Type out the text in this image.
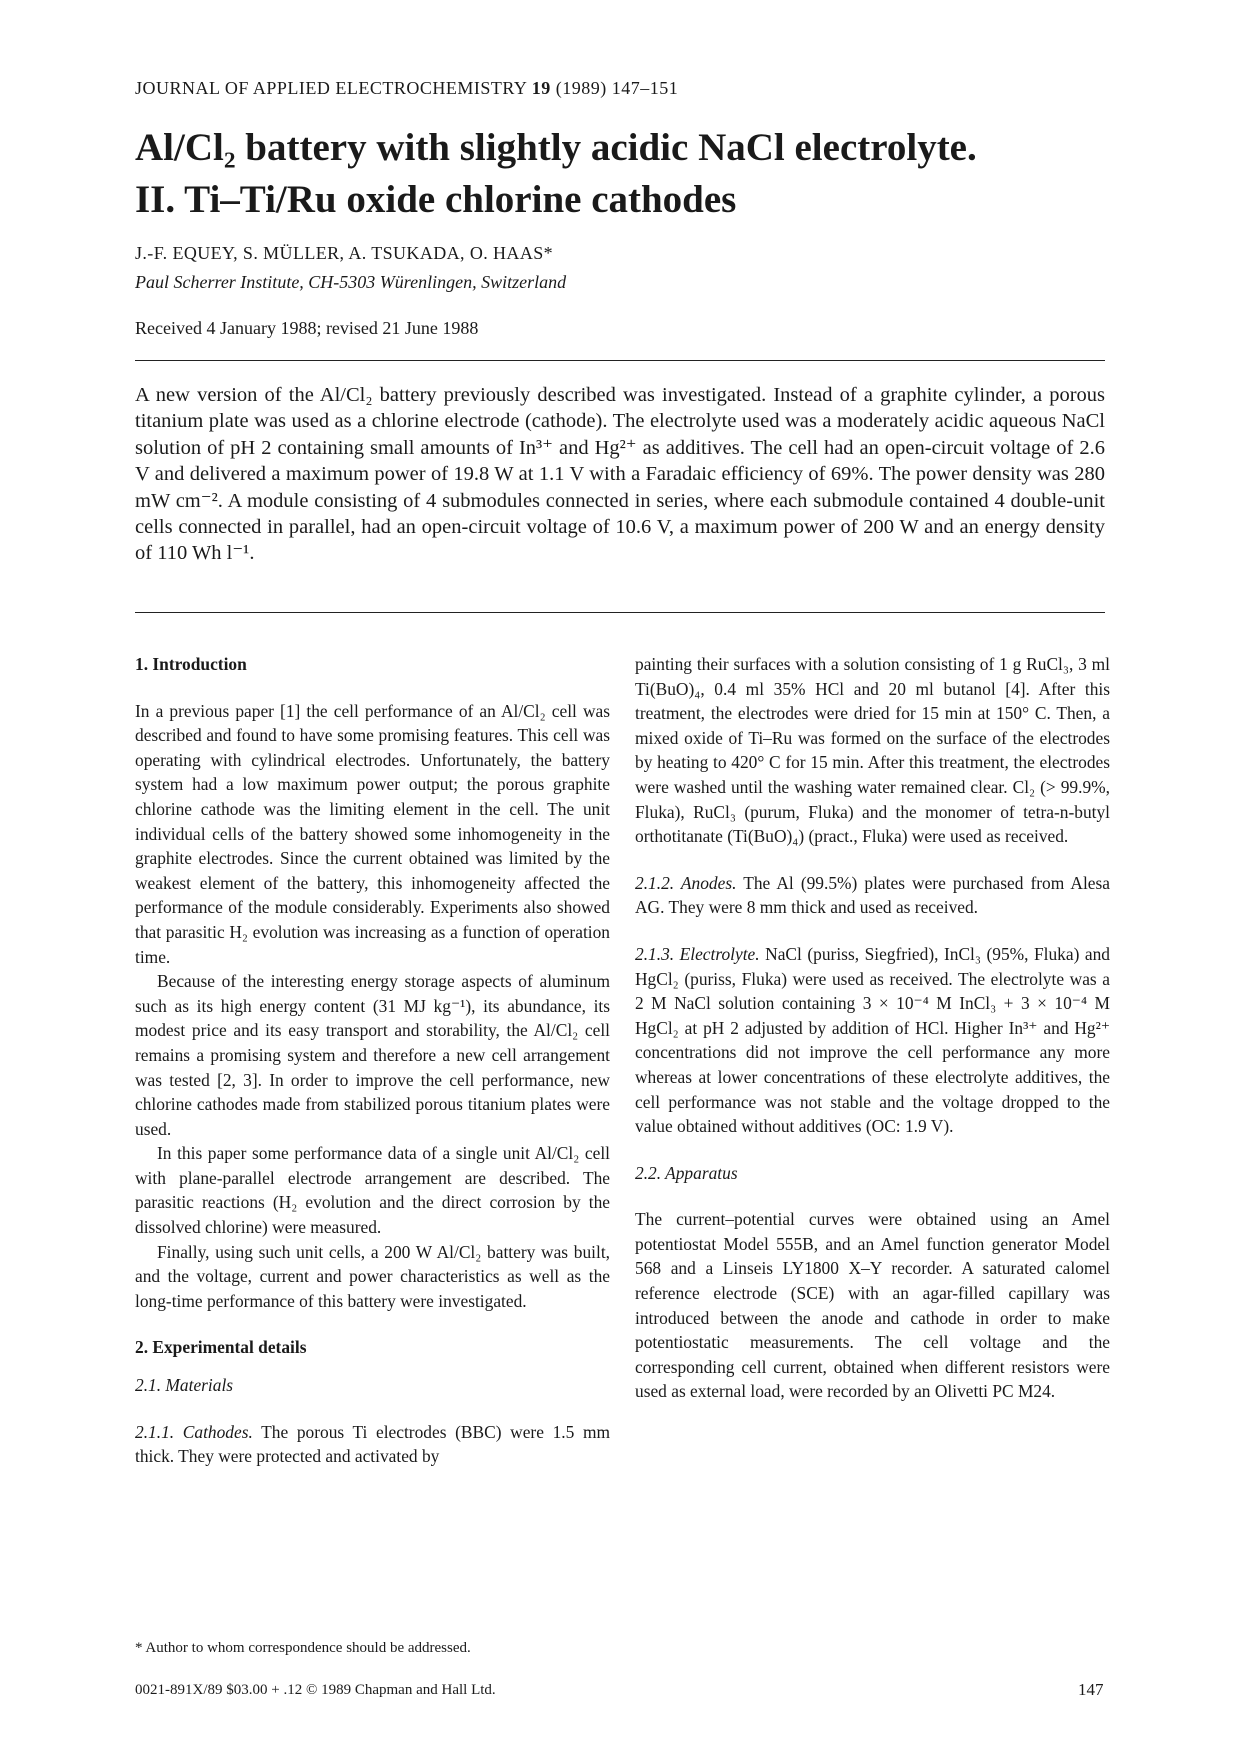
JOURNAL OF APPLIED ELECTROCHEMISTRY 19 (1989) 147–151
Al/Cl₂ battery with slightly acidic NaCl electrolyte.
II. Ti–Ti/Ru oxide chlorine cathodes
J.-F. EQUEY, S. MÜLLER, A. TSUKADA, O. HAAS*
Paul Scherrer Institute, CH-5303 Würenlingen, Switzerland
Received 4 January 1988; revised 21 June 1988

A new version of the Al/Cl₂ battery previously described was investigated. Instead of a graphite cylinder, a porous titanium plate was used as a chlorine electrode (cathode). The electrolyte used was a moderately acidic aqueous NaCl solution of pH 2 containing small amounts of In³⁺ and Hg²⁺ as additives. The cell had an open-circuit voltage of 2.6 V and delivered a maximum power of 19.8 W at 1.1 V with a Faradaic efficiency of 69%. The power density was 280 mW cm⁻². A module consisting of 4 submodules connected in series, where each submodule contained 4 double-unit cells connected in parallel, had an open-circuit voltage of 10.6 V, a maximum power of 200 W and an energy density of 110 Wh l⁻¹.

1. Introduction

In a previous paper [1] the cell performance of an Al/Cl₂ cell was described and found to have some promising features. This cell was operating with cylindrical electrodes. Unfortunately, the battery system had a low maximum power output; the porous graphite chlorine cathode was the limiting element in the cell. The unit individual cells of the battery showed some inhomogeneity in the graphite electrodes. Since the current obtained was limited by the weakest element of the battery, this inhomogeneity affected the performance of the module considerably. Experiments also showed that parasitic H₂ evolution was increasing as a function of operation time.

Because of the interesting energy storage aspects of aluminum such as its high energy content (31 MJ kg⁻¹), its abundance, its modest price and its easy transport and storability, the Al/Cl₂ cell remains a promising system and therefore a new cell arrangement was tested [2, 3]. In order to improve the cell performance, new chlorine cathodes made from stabilized porous titanium plates were used.

In this paper some performance data of a single unit Al/Cl₂ cell with plane-parallel electrode arrangement are described. The parasitic reactions (H₂ evolution and the direct corrosion by the dissolved chlorine) were measured.

Finally, using such unit cells, a 200 W Al/Cl₂ battery was built, and the voltage, current and power characteristics as well as the long-time performance of this battery were investigated.

2. Experimental details

2.1. Materials

2.1.1. Cathodes. The porous Ti electrodes (BBC) were 1.5 mm thick. They were protected and activated by

painting their surfaces with a solution consisting of 1 g RuCl₃, 3 ml Ti(BuO)₄, 0.4 ml 35% HCl and 20 ml butanol [4]. After this treatment, the electrodes were dried for 15 min at 150° C. Then, a mixed oxide of Ti–Ru was formed on the surface of the electrodes by heating to 420° C for 15 min. After this treatment, the electrodes were washed until the washing water remained clear. Cl₂ (> 99.9%, Fluka), RuCl₃ (purum, Fluka) and the monomer of tetra-n-butyl orthotitanate (Ti(BuO)₄) (pract., Fluka) were used as received.

2.1.2. Anodes. The Al (99.5%) plates were purchased from Alesa AG. They were 8 mm thick and used as received.

2.1.3. Electrolyte. NaCl (puriss, Siegfried), InCl₃ (95%, Fluka) and HgCl₂ (puriss, Fluka) were used as received. The electrolyte was a 2 M NaCl solution containing 3 × 10⁻⁴ M InCl₃ + 3 × 10⁻⁴ M HgCl₂ at pH 2 adjusted by addition of HCl. Higher In³⁺ and Hg²⁺ concentrations did not improve the cell performance any more whereas at lower concentrations of these electrolyte additives, the cell performance was not stable and the voltage dropped to the value obtained without additives (OC: 1.9 V).

2.2. Apparatus

The current–potential curves were obtained using an Amel potentiostat Model 555B, and an Amel function generator Model 568 and a Linseis LY1800 X–Y recorder. A saturated calomel reference electrode (SCE) with an agar-filled capillary was introduced between the anode and cathode in order to make potentiostatic measurements. The cell voltage and the corresponding cell current, obtained when different resistors were used as external load, were recorded by an Olivetti PC M24.

* Author to whom correspondence should be addressed.
0021-891X/89 $03.00 + .12 © 1989 Chapman and Hall Ltd.	147
